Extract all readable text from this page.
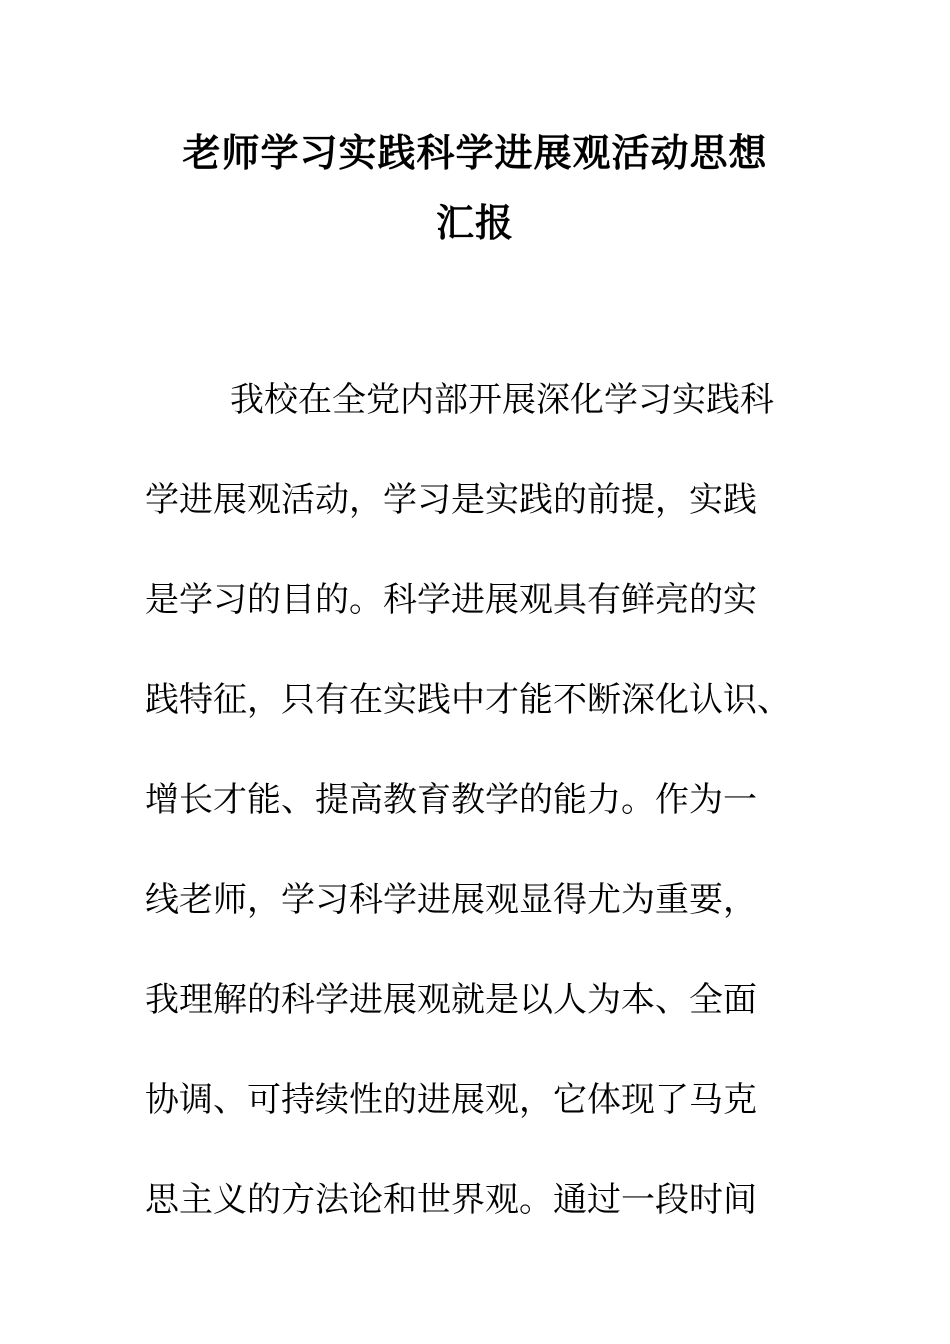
老师学习实践科学进展观活动思想
汇报

我校在全党内部开展深化学习实践科

学进展观活动，学习是实践的前提，实践

是学习的目的。科学进展观具有鲜亮的实

践特征，只有在实践中才能不断深化认识、

增长才能、提高教育教学的能力。作为一

线老师，学习科学进展观显得尤为重要，

我理解的科学进展观就是以人为本、全面

协调、可持续性的进展观，它体现了马克

思主义的方法论和世界观。通过一段时间
